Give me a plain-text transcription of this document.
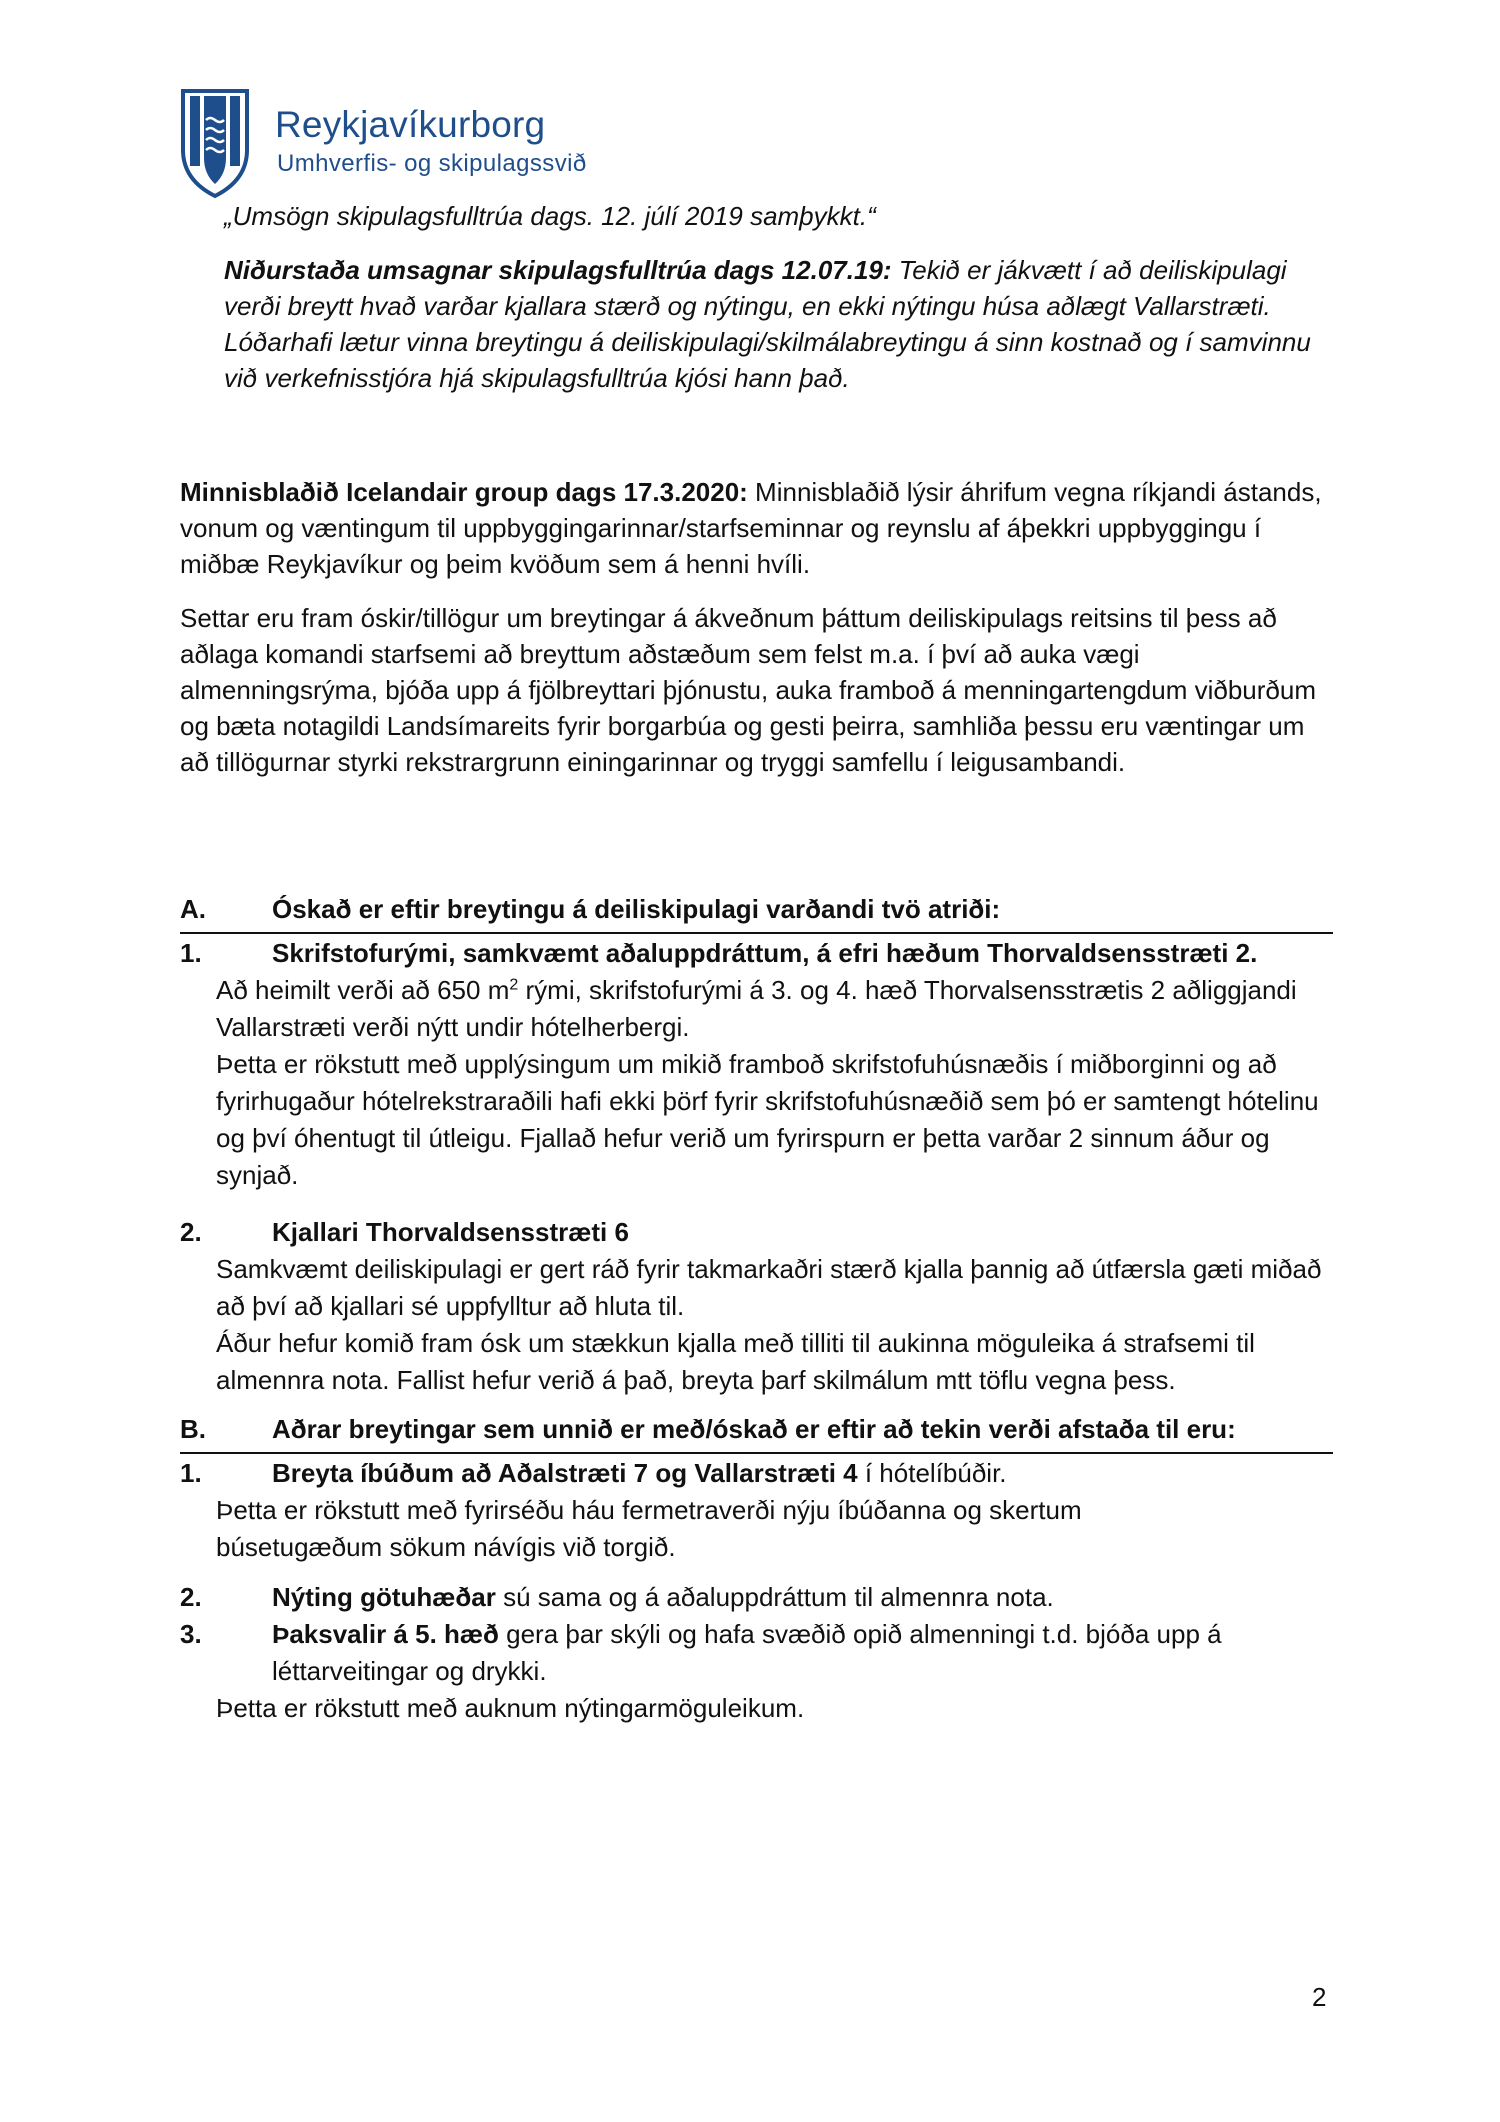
Reykjavíkurborg
Umhverfis- og skipulagssvið
„Umsögn skipulagsfulltrúa dags. 12. júlí 2019 samþykkt.“
Niðurstaða umsagnar skipulagsfulltrúa dags 12.07.19: Tekið er jákvætt í að deiliskipulagi verði breytt hvað varðar kjallara stærð og nýtingu, en ekki nýtingu húsa aðlægt Vallarstræti.
Lóðarhafi lætur vinna breytingu á deiliskipulagi/skilmálabreytingu á sinn kostnað og í samvinnu við verkefnisstjóra hjá skipulagsfulltrúa kjósi hann það.
Minnisblaðið Icelandair group dags 17.3.2020: Minnisblaðið lýsir áhrifum vegna ríkjandi ástands, vonum og væntingum til uppbyggingarinnar/starfseminnar og reynslu af áþekkri uppbyggingu í miðbæ Reykjavíkur og þeim kvöðum sem á henni hvíli.
Settar eru fram óskir/tillögur um breytingar á ákveðnum þáttum deiliskipulags reitsins til þess að aðlaga komandi starfsemi að breyttum aðstæðum sem felst m.a. í því að auka vægi almenningsrýma, bjóða upp á fjölbreyttari þjónustu, auka framboð á menningartengdum viðburðum og bæta notagildi Landsímareits fyrir borgarbúa og gesti þeirra, samhliða þessu eru væntingar um að tillögurnar styrki rekstrargrunn einingarinnar og tryggi samfellu í leigusambandi.
A.	Óskað er eftir breytingu á deiliskipulagi varðandi tvö atriði:
1.	Skrifstofurými, samkvæmt aðaluppdráttum, á efri hæðum Thorvaldsensstræti 2.
Að heimilt verði að 650 $m^2$ rými, skrifstofurými á 3. og 4. hæð Thorvalsensstrætis 2 aðliggjandi Vallarstræti verði nýtt undir hótelherbergi.
Þetta er rökstutt með upplýsingum um mikið framboð skrifstofuhúsnæðis í miðborginni og að fyrirhugaður hótelrekstraraðili hafi ekki þörf fyrir skrifstofuhúsnæðið sem þó er samtengt hótelinu og því óhentugt til útleigu. Fjallað hefur verið um fyrirspurn er þetta varðar 2 sinnum áður og synjað.
2.	Kjallari Thorvaldsensstræti 6
Samkvæmt deiliskipulagi er gert ráð fyrir takmarkaðri stærð kjalla þannig að útfærsla gæti miðað að því að kjallari sé uppfylltur að hluta til.
Áður hefur komið fram ósk um stækkun kjalla með tilliti til aukinna möguleika á strafsemi til almennra nota. Fallist hefur verið á það, breyta þarf skilmálum mtt töflu vegna þess.
B.	Aðrar breytingar sem unnið er með/óskað er eftir að tekin verði afstaða til eru:
1.	Breyta íbúðum að Aðalstræti 7 og Vallarstræti 4 í hótelíbúðir.
Þetta er rökstutt með fyrirséðu háu fermetraverði nýju íbúðanna og skertum búsetugæðum sökum návígis við torgið.
2.	Nýting götuhæðar sú sama og á aðaluppdráttum til almennra nota.
3.	Þaksvalir á 5. hæð gera þar skýli og hafa svæðið opið almenningi t.d. bjóða upp á léttarveitingar og drykki.
Þetta er rökstutt með auknum nýtingarmöguleikum.
2
